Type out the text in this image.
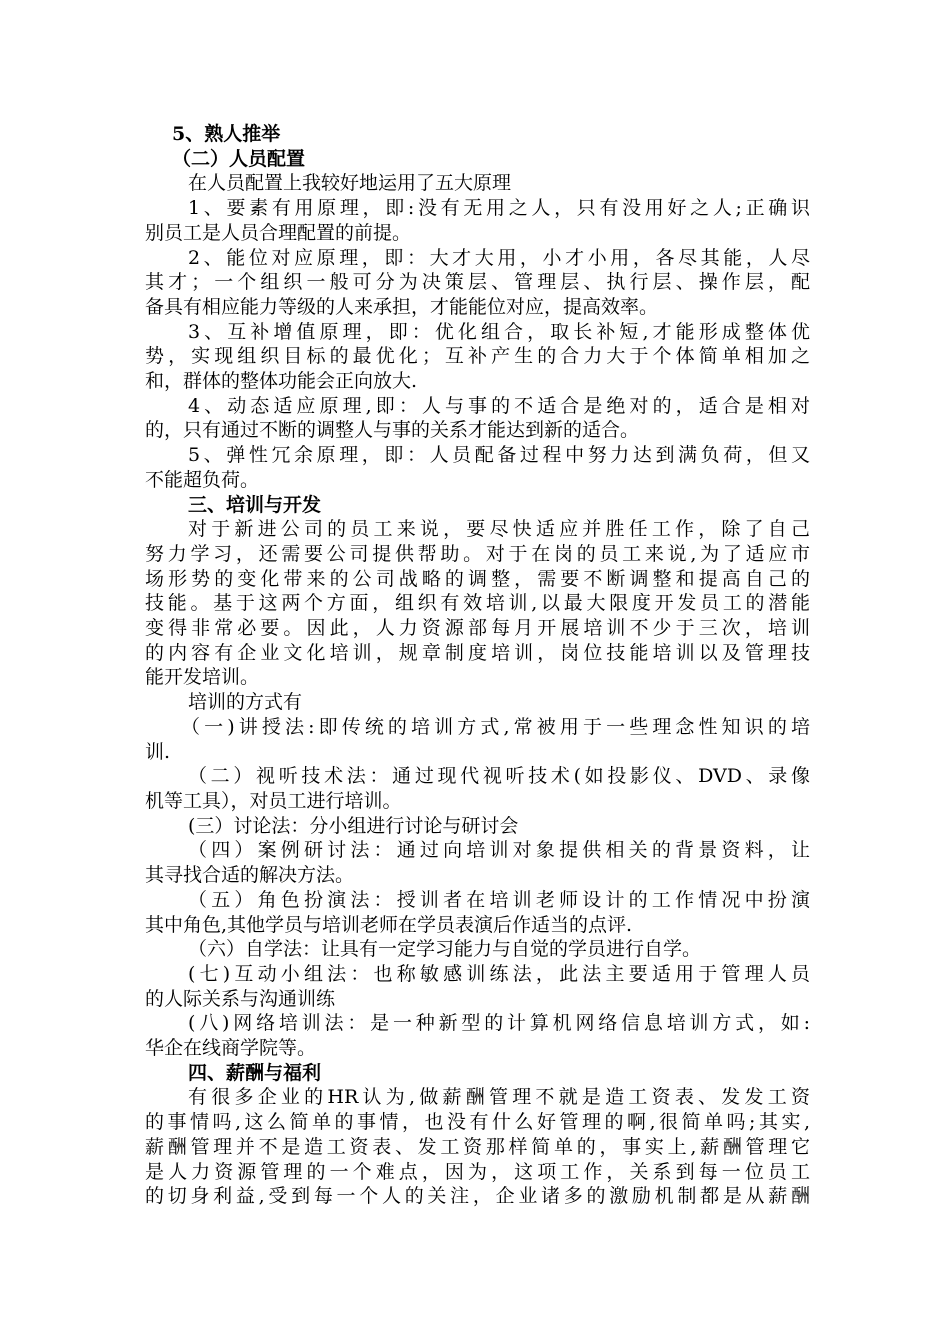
5、熟人推举
（二）人员配置
在人员配置上我较好地运用了五大原理
1、要素有用原理，即:没有无用之人，只有没用好之人;正确识
别员工是人员合理配置的前提。
2、能位对应原理，即：大才大用，小才小用，各尽其能，人尽
其才；一个组织一般可分为决策层、管理层、执行层、操作层，配
备具有相应能力等级的人来承担，才能能位对应，提高效率。
3、互补增值原理，即：优化组合，取长补短,才能形成整体优
势，实现组织目标的最优化；互补产生的合力大于个体简单相加之
和，群体的整体功能会正向放大.
4、动态适应原理,即：人与事的不适合是绝对的，适合是相对
的，只有通过不断的调整人与事的关系才能达到新的适合。
5、弹性冗余原理，即：人员配备过程中努力达到满负荷，但又
不能超负荷。
三、培训与开发
对于新进公司的员工来说，要尽快适应并胜任工作，除了自己
努力学习，还需要公司提供帮助。对于在岗的员工来说,为了适应市
场形势的变化带来的公司战略的调整，需要不断调整和提高自己的
技能。基于这两个方面，组织有效培训,以最大限度开发员工的潜能
变得非常必要。因此，人力资源部每月开展培训不少于三次，培训
的内容有企业文化培训，规章制度培训，岗位技能培训以及管理技
能开发培训。
培训的方式有
（一)讲授法:即传统的培训方式,常被用于一些理念性知识的培
训.
（二）视听技术法：通过现代视听技术(如投影仪、DVD、录像
机等工具），对员工进行培训。
(三）讨论法：分小组进行讨论与研讨会
（四）案例研讨法：通过向培训对象提供相关的背景资料，让
其寻找合适的解决方法。
（五）角色扮演法：授训者在培训老师设计的工作情况中扮演
其中角色,其他学员与培训老师在学员表演后作适当的点评.
（六）自学法：让具有一定学习能力与自觉的学员进行自学。
(七)互动小组法：也称敏感训练法，此法主要适用于管理人员
的人际关系与沟通训练
(八)网络培训法：是一种新型的计算机网络信息培训方式，如:
华企在线商学院等。
四、薪酬与福利
有很多企业的HR认为,做薪酬管理不就是造工资表、发发工资
的事情吗,这么简单的事情，也没有什么好管理的啊,很简单吗;其实,
薪酬管理并不是造工资表、发工资那样简单的，事实上,薪酬管理它
是人力资源管理的一个难点，因为，这项工作，关系到每一位员工
的切身利益,受到每一个人的关注，企业诸多的激励机制都是从薪酬
